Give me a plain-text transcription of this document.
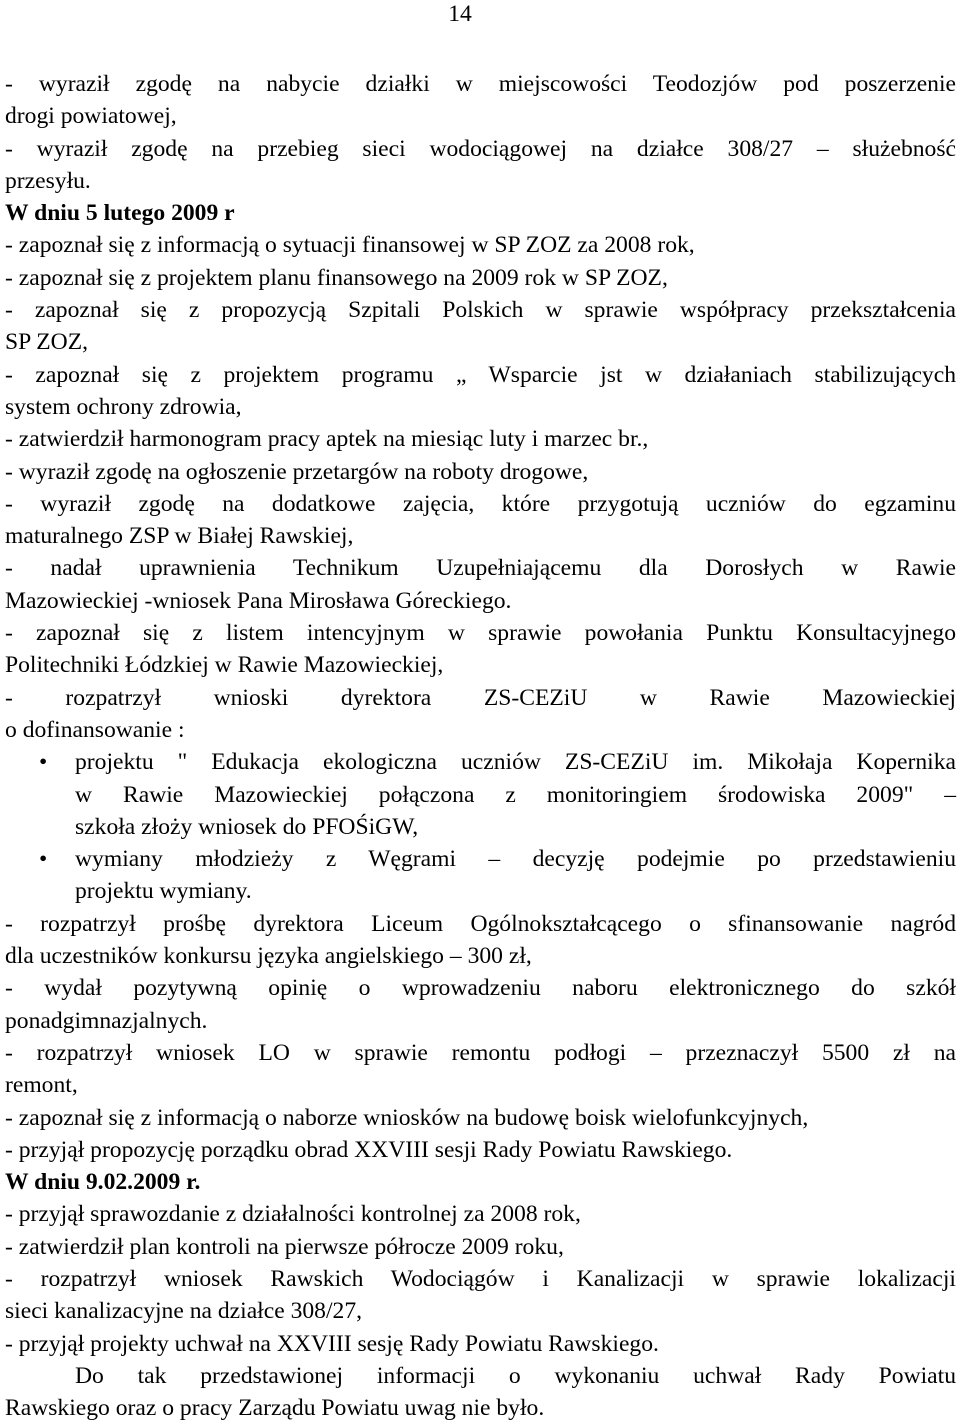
14
- wyraził zgodę na nabycie działki w miejscowości Teodozjów pod poszerzenie
drogi powiatowej,
- wyraził zgodę na przebieg sieci wodociągowej na działce 308/27 – służebność
przesyłu.
W dniu 5 lutego 2009 r
- zapoznał się z informacją o sytuacji finansowej w SP ZOZ za 2008 rok,
- zapoznał się z projektem planu finansowego na 2009 rok w SP ZOZ,
- zapoznał się z propozycją Szpitali Polskich w sprawie współpracy przekształcenia
SP ZOZ,
- zapoznał się z projektem programu „ Wsparcie jst w działaniach stabilizujących
system ochrony zdrowia,
- zatwierdził harmonogram pracy aptek na miesiąc luty i marzec br.,
- wyraził zgodę na ogłoszenie przetargów na roboty drogowe,
- wyraził zgodę na dodatkowe zajęcia, które przygotują uczniów do egzaminu
maturalnego ZSP w Białej Rawskiej,
- nadał uprawnienia Technikum Uzupełniającemu dla Dorosłych w Rawie
Mazowieckiej -wniosek Pana Mirosława Góreckiego.
- zapoznał się z listem intencyjnym w sprawie powołania Punktu Konsultacyjnego
Politechniki Łódzkiej w Rawie Mazowieckiej,
- rozpatrzył wnioski dyrektora ZS-CEZiU w Rawie Mazowieckiej
o dofinansowanie :
• projektu " Edukacja ekologiczna uczniów ZS-CEZiU im. Mikołaja Kopernika
w Rawie Mazowieckiej połączona z monitoringiem środowiska 2009" –
szkoła złoży wniosek do PFOŚiGW,
• wymiany młodzieży z Węgrami – decyzję podejmie po przedstawieniu
projektu wymiany.
- rozpatrzył prośbę dyrektora Liceum Ogólnokształcącego o sfinansowanie nagród
dla uczestników konkursu języka angielskiego – 300 zł,
- wydał pozytywną opinię o wprowadzeniu naboru elektronicznego do szkół
ponadgimnazjalnych.
- rozpatrzył wniosek LO w sprawie remontu podłogi – przeznaczył 5500 zł na
remont,
- zapoznał się z informacją o naborze wniosków na budowę boisk wielofunkcyjnych,
- przyjął propozycję porządku obrad XXVIII sesji Rady Powiatu Rawskiego.
W dniu 9.02.2009 r.
- przyjął sprawozdanie z działalności kontrolnej za 2008 rok,
- zatwierdził plan kontroli na pierwsze półrocze 2009 roku,
- rozpatrzył wniosek Rawskich Wodociągów i Kanalizacji w sprawie lokalizacji
sieci kanalizacyjne na działce 308/27,
- przyjął projekty uchwał na XXVIII sesję Rady Powiatu Rawskiego.
Do tak przedstawionej informacji o wykonaniu uchwał Rady Powiatu
Rawskiego oraz o pracy Zarządu Powiatu uwag nie było.
